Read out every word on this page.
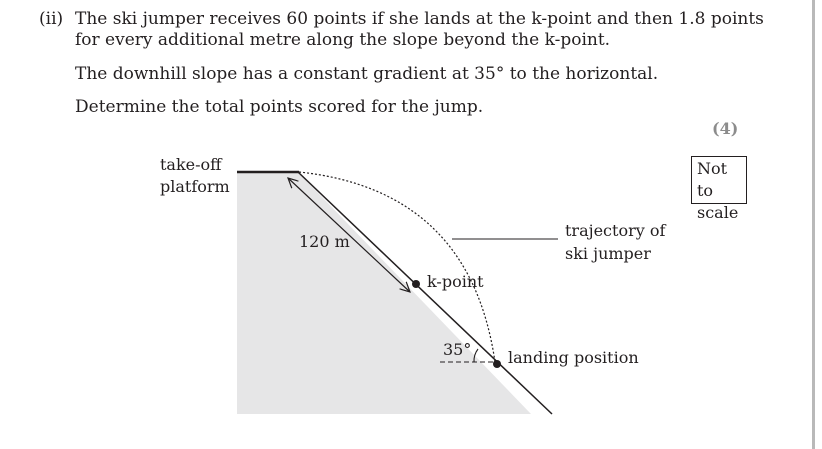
(ii) The ski jumper receives 60 points if she lands at the k-point and then 1.8 points
for every additional metre along the slope beyond the k-point.
The downhill slope has a constant gradient at 35° to the horizontal.
Determine the total points scored for the jump.
(4)
Not to
scale
take-off
platform
120 m
k-point
trajectory of
ski jumper
35° landing position
